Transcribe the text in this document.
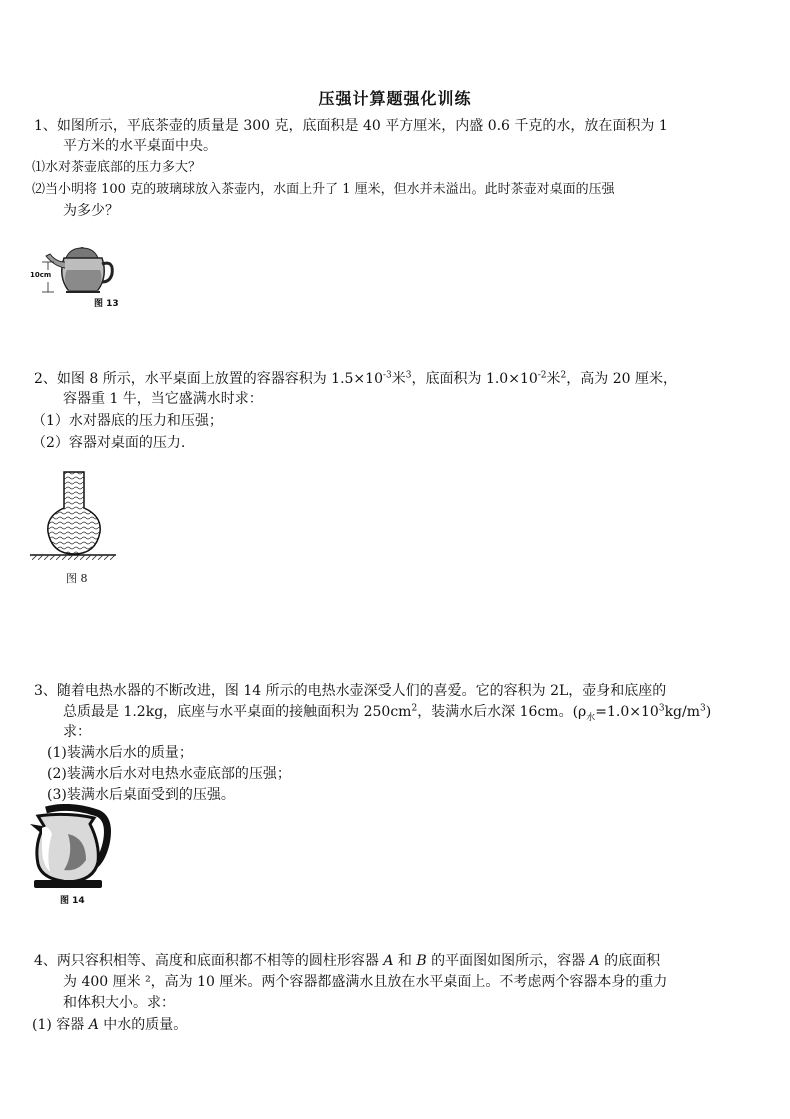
压强计算题强化训练
1、如图所示，平底茶壶的质量是 300 克，底面积是 40 平方厘米，内盛 0.6 千克的水，放在面积为 1
平方米的水平桌面中央。
⑴水对茶壶底部的压力多大？
⑵当小明将 100 克的玻璃球放入茶壶内，水面上升了 1 厘米，但水并未溢出。此时茶壶对桌面的压强
为多少？
10cm
图 13
2、如图 8 所示，水平桌面上放置的容器容积为 $1.5\times 10^{-3}$米$^3$，底面积为 $1.0\times 10^{-2}$米$^2$，高为 20 厘米，
容器重 1 牛，当它盛满水时求：
（1）水对器底的压力和压强；
（2）容器对桌面的压力.
图 8
3、随着电热水器的不断改进，图 14 所示的电热水壶深受人们的喜爱。它的容积为 2L，壶身和底座的
总质最是 1.2kg，底座与水平桌面的接触面积为 $250cm^2$，装满水后水深 16cm。$(\rho_水=1.0\times 10^3kg/m^3)$
求：
(1)装满水后水的质量；
(2)装满水后水对电热水壶底部的压强；
(3)装满水后桌面受到的压强。
图 14
4、两只容积相等、高度和底面积都不相等的圆柱形容器 A 和 B 的平面图如图所示，容器 A 的底面积
为 400 厘米 ²，高为 10 厘米。两个容器都盛满水且放在水平桌面上。不考虑两个容器本身的重力
和体积大小。求：
(1) 容器 A 中水的质量。
